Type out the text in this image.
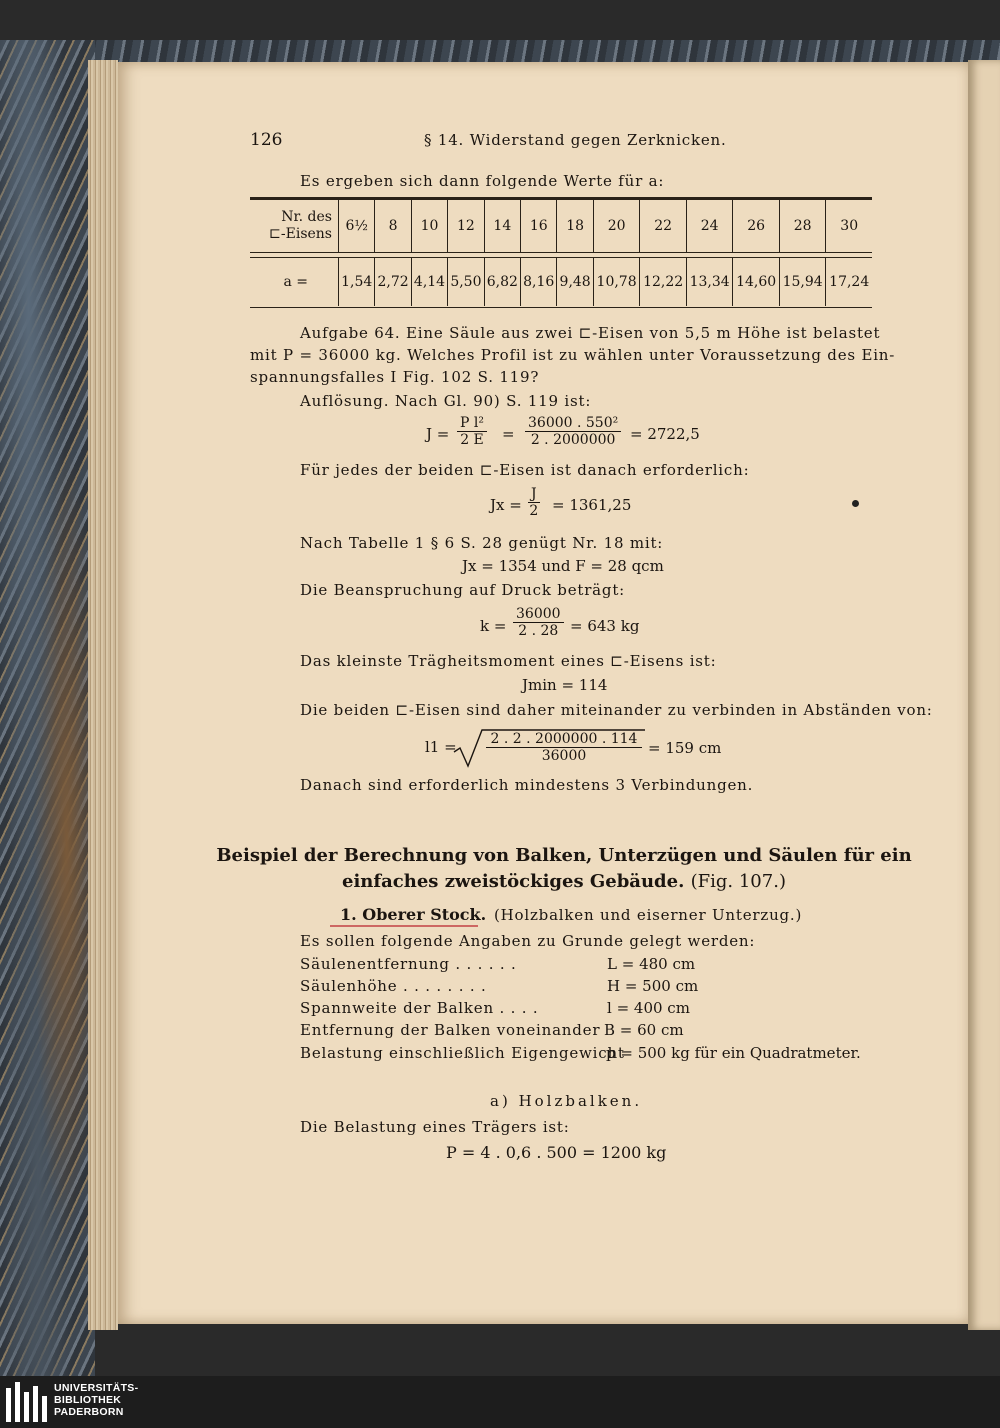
126	§ 14. Widerstand gegen Zerknicken.
Es ergeben sich dann folgende Werte für a:
Nr. des
⊏-Eisens	6½	8	10	12	14	16	18	20	22	24	26	28	30

a =	1,54	2,72	4,14	5,50	6,82	8,16	9,48	10,78	12,22	13,34	14,60	15,94	17,24
Aufgabe 64. Eine Säule aus zwei ⊏-Eisen von 5,5 m Höhe ist belastet
mit P = 36000 kg. Welches Profil ist zu wählen unter Voraussetzung des Ein-
spannungsfalles I Fig. 102 S. 119?
Auflösung. Nach Gl. 90) S. 119 ist:
$J = \frac{\text{P l²}}{2 E} = \frac{\text{36000 . 550²}}{2 . 2000000} = 2722,5$
Für jedes der beiden ⊏-Eisen ist danach erforderlich:
$Jx = \frac{J}{2} = 1361,25$
Nach Tabelle 1 § 6 S. 28 genügt Nr. 18 mit:
Jx = 1354 und F = 28 qcm
Die Beanspruchung auf Druck beträgt:
$k = \frac{36000}{2 . 28} = 643$ kg
Das kleinste Trägheitsmoment eines ⊏-Eisens ist:
Jmin = 114
Die beiden ⊏-Eisen sind daher miteinander zu verbinden in Abständen von:
$l1 = \frac{2 . 2 . 2000000 . 114}{36000} = 159$ cm
Danach sind erforderlich mindestens 3 Verbindungen.
Beispiel der Berechnung von Balken, Unterzügen und Säulen für ein
einfaches zweistöckiges Gebäude. (Fig. 107.)
1. Oberer Stock. (Holzbalken und eiserner Unterzug.)
Es sollen folgende Angaben zu Grunde gelegt werden:
Säulenentfernung . . . . . .	L = 480 cm
Säulenhöhe . . . . . . . .	H = 500 cm
Spannweite der Balken . . . .	l = 400 cm
Entfernung der Balken voneinander B = 60 cm
Belastung einschließlich Eigengewicht
p = 500 kg für ein Quadratmeter.
a) Holzbalken.
Die Belastung eines Trägers ist:
P = 4 . 0,6 . 500 = 1200 kg
UNIVERSITÄTS-
BIBLIOTHEK
PADERBORN
